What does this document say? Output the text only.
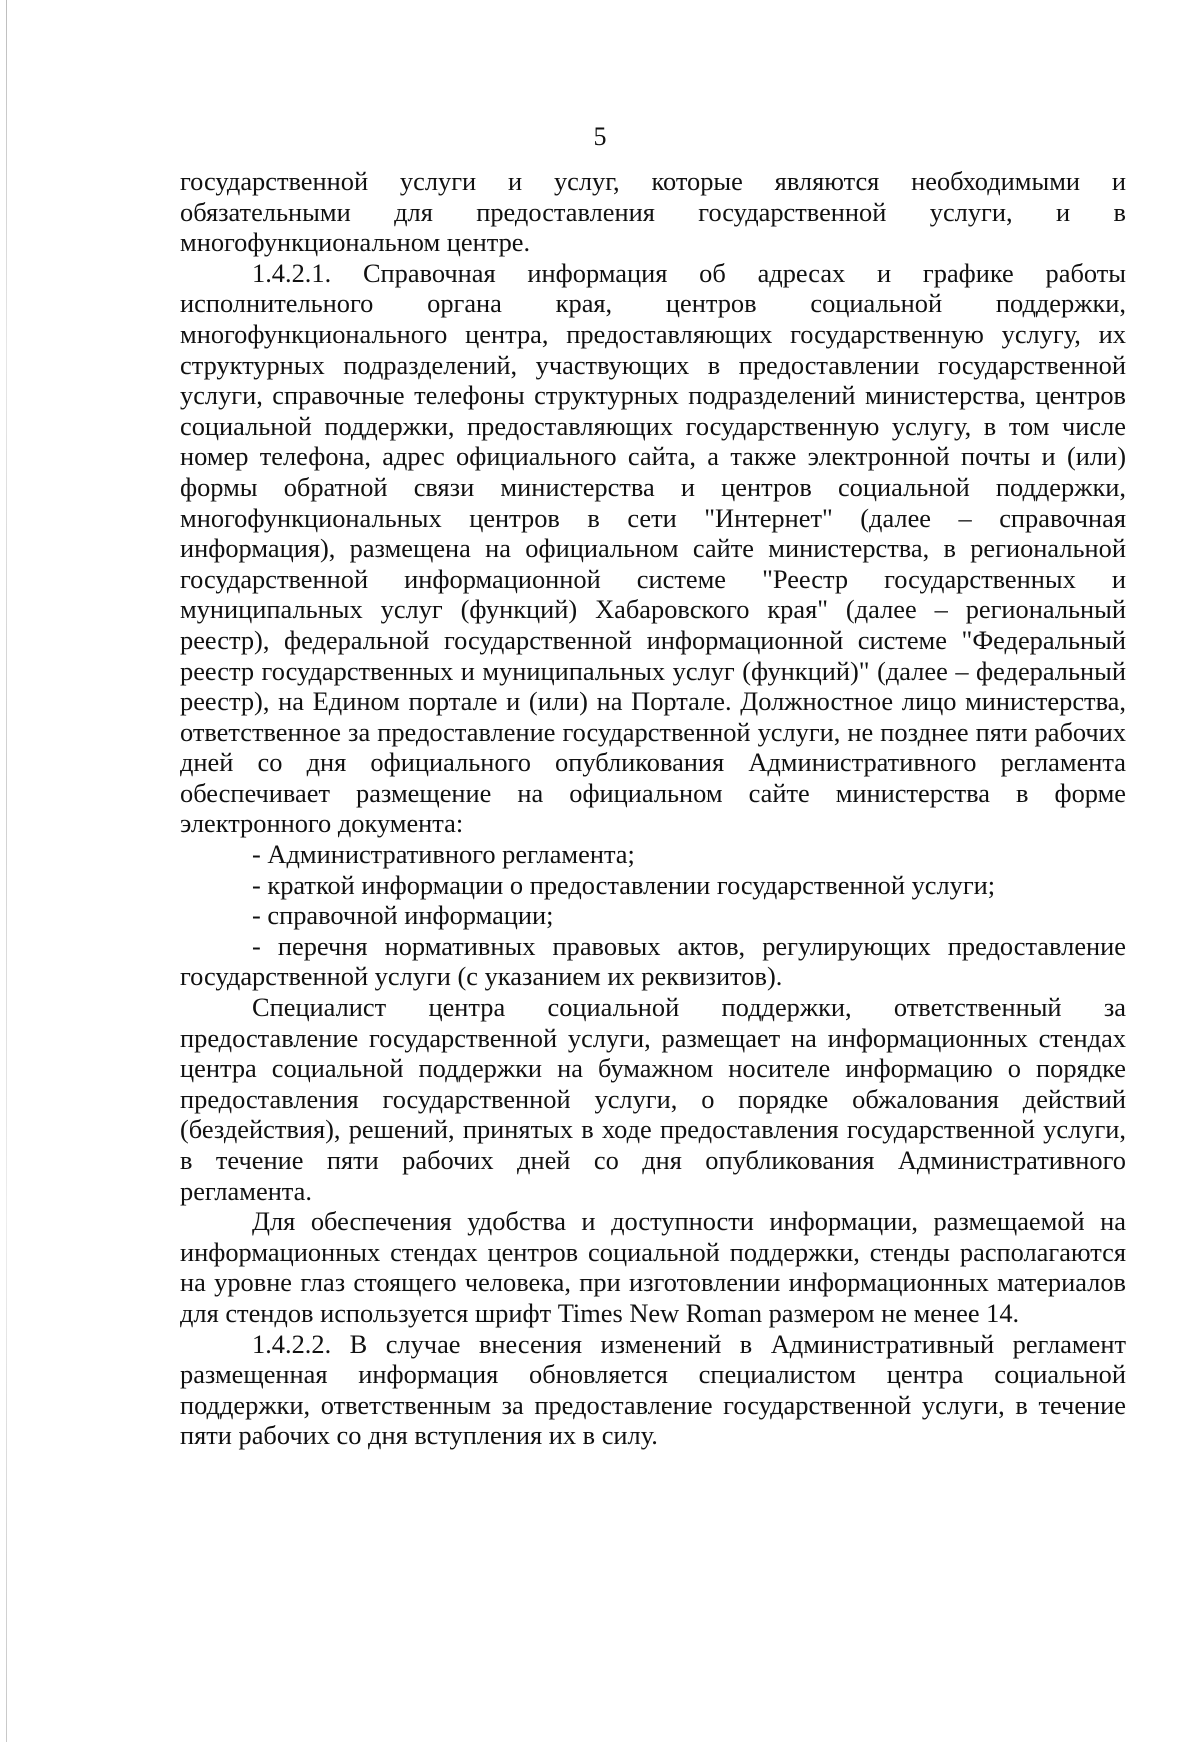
5

государственной услуги и услуг, которые являются необходимыми и обязательными для предоставления государственной услуги, и в многофункциональном центре.

1.4.2.1. Справочная информация об адресах и графике работы исполнительного органа края, центров социальной поддержки, многофункционального центра, предоставляющих государственную услугу, их структурных подразделений, участвующих в предоставлении государственной услуги, справочные телефоны структурных подразделений министерства, центров социальной поддержки, предоставляющих государственную услугу, в том числе номер телефона, адрес официального сайта, а также электронной почты и (или) формы обратной связи министерства и центров социальной поддержки, многофункциональных центров в сети "Интернет" (далее – справочная информация), размещена на официальном сайте министерства, в региональной государственной информационной системе "Реестр государственных и муниципальных услуг (функций) Хабаровского края" (далее – региональный реестр), федеральной государственной информационной системе "Федеральный реестр государственных и муниципальных услуг (функций)" (далее – федеральный реестр), на Едином портале и (или) на Портале. Должностное лицо министерства, ответственное за предоставление государственной услуги, не позднее пяти рабочих дней со дня официального опубликования Административного регламента обеспечивает размещение на официальном сайте министерства в форме электронного документа:

- Административного регламента;

- краткой информации о предоставлении государственной услуги;

- справочной информации;

- перечня нормативных правовых актов, регулирующих предоставление государственной услуги (с указанием их реквизитов).

Специалист центра социальной поддержки, ответственный за предоставление государственной услуги, размещает на информационных стендах центра социальной поддержки на бумажном носителе информацию о порядке предоставления государственной услуги, о порядке обжалования действий (бездействия), решений, принятых в ходе предоставления государственной услуги, в течение пяти рабочих дней со дня опубликования Административного регламента.

Для обеспечения удобства и доступности информации, размещаемой на информационных стендах центров социальной поддержки, стенды располагаются на уровне глаз стоящего человека, при изготовлении информационных материалов для стендов используется шрифт Times New Roman размером не менее 14.

1.4.2.2. В случае внесения изменений в Административный регламент размещенная информация обновляется специалистом центра социальной поддержки, ответственным за предоставление государственной услуги, в течение пяти рабочих со дня вступления их в силу.
